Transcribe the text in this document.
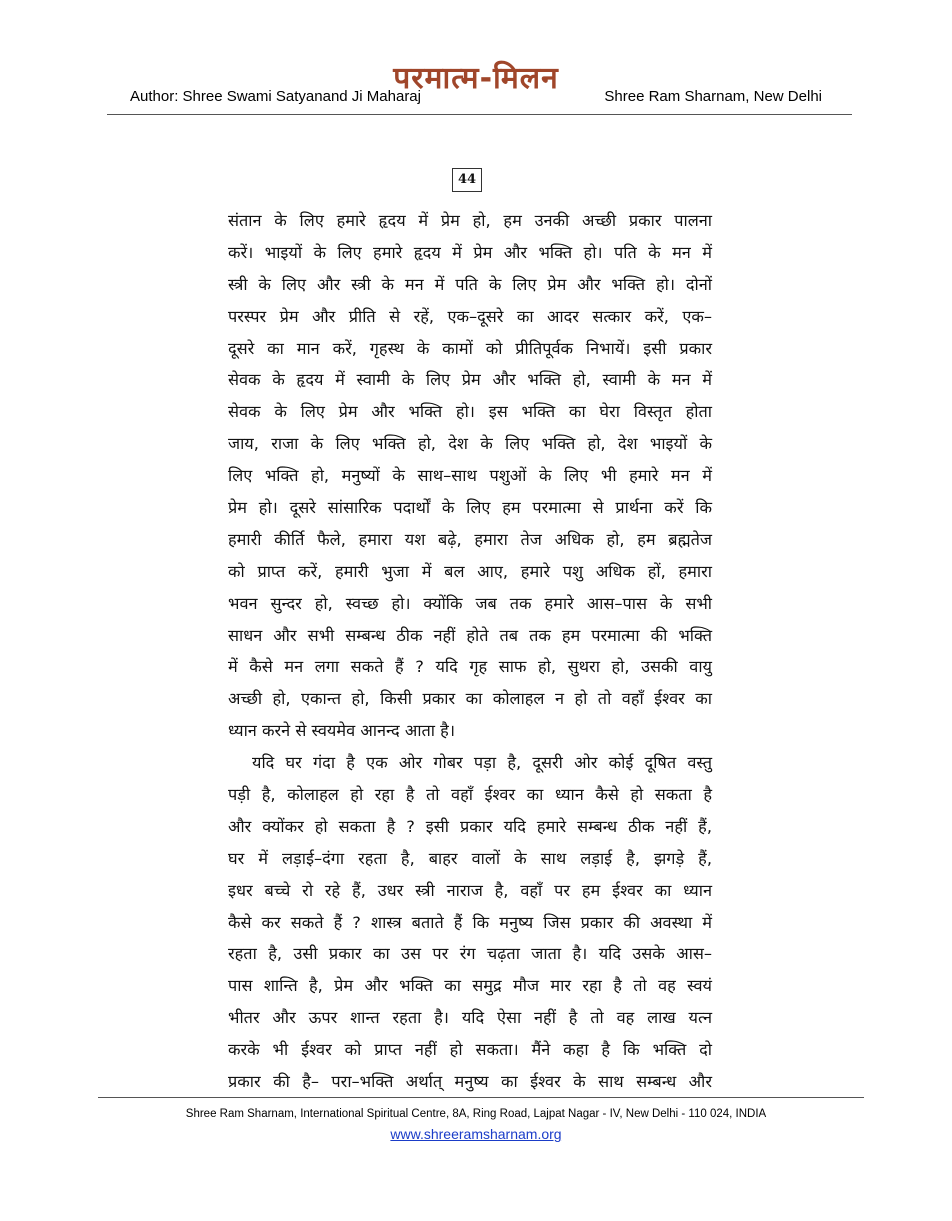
परमात्म-मिलन
Author: Shree Swami Satyanand Ji Maharaj	Shree Ram Sharnam, New Delhi
44
संतान के लिए हमारे हृदय में प्रेम हो, हम उनकी अच्छी प्रकार पालना
करें। भाइयों के लिए हमारे हृदय में प्रेम और भक्ति हो। पति के मन में
स्त्री के लिए और स्त्री के मन में पति के लिए प्रेम और भक्ति हो। दोनों
परस्पर प्रेम और प्रीति से रहें, एक–दूसरे का आदर सत्कार करें, एक–
दूसरे का मान करें, गृहस्थ के कामों को प्रीतिपूर्वक निभायें। इसी प्रकार
सेवक के हृदय में स्वामी के लिए प्रेम और भक्ति हो, स्वामी के मन में
सेवक के लिए प्रेम और भक्ति हो। इस भक्ति का घेरा विस्तृत होता
जाय, राजा के लिए भक्ति हो, देश के लिए भक्ति हो, देश भाइयों के
लिए भक्ति हो, मनुष्यों के साथ–साथ पशुओं के लिए भी हमारे मन में
प्रेम हो। दूसरे सांसारिक पदार्थों के लिए हम परमात्मा से प्रार्थना करें कि
हमारी कीर्ति फैले, हमारा यश बढ़े, हमारा तेज अधिक हो, हम ब्रह्मतेज
को प्राप्त करें, हमारी भुजा में बल आए, हमारे पशु अधिक हों, हमारा
भवन सुन्दर हो, स्वच्छ हो। क्योंकि जब तक हमारे आस–पास के सभी
साधन और सभी सम्बन्ध ठीक नहीं होते तब तक हम परमात्मा की भक्ति
में कैसे मन लगा सकते हैं ? यदि गृह साफ हो, सुथरा हो, उसकी वायु
अच्छी हो, एकान्त हो, किसी प्रकार का कोलाहल न हो तो वहाँ ईश्वर का
ध्यान करने से स्वयमेव आनन्द आता है।
यदि घर गंदा है एक ओर गोबर पड़ा है, दूसरी ओर कोई दूषित वस्तु
पड़ी है, कोलाहल हो रहा है तो वहाँ ईश्वर का ध्यान कैसे हो सकता है
और क्योंकर हो सकता है ? इसी प्रकार यदि हमारे सम्बन्ध ठीक नहीं हैं,
घर में लड़ाई–दंगा रहता है, बाहर वालों के साथ लड़ाई है, झगड़े हैं,
इधर बच्चे रो रहे हैं, उधर स्त्री नाराज है, वहाँ पर हम ईश्वर का ध्यान
कैसे कर सकते हैं ? शास्त्र बताते हैं कि मनुष्य जिस प्रकार की अवस्था में
रहता है, उसी प्रकार का उस पर रंग चढ़ता जाता है। यदि उसके आस–
पास शान्ति है, प्रेम और भक्ति का समुद्र मौज मार रहा है तो वह स्वयं
भीतर और ऊपर शान्त रहता है। यदि ऐसा नहीं है तो वह लाख यत्न
करके भी ईश्वर को प्राप्त नहीं हो सकता। मैंने कहा है कि भक्ति दो
प्रकार की है– परा–भक्ति अर्थात् मनुष्य का ईश्वर के साथ सम्बन्ध और
Shree Ram Sharnam, International Spiritual Centre, 8A, Ring Road, Lajpat Nagar - IV, New Delhi - 110 024, INDIA
www.shreeramsharnam.org
